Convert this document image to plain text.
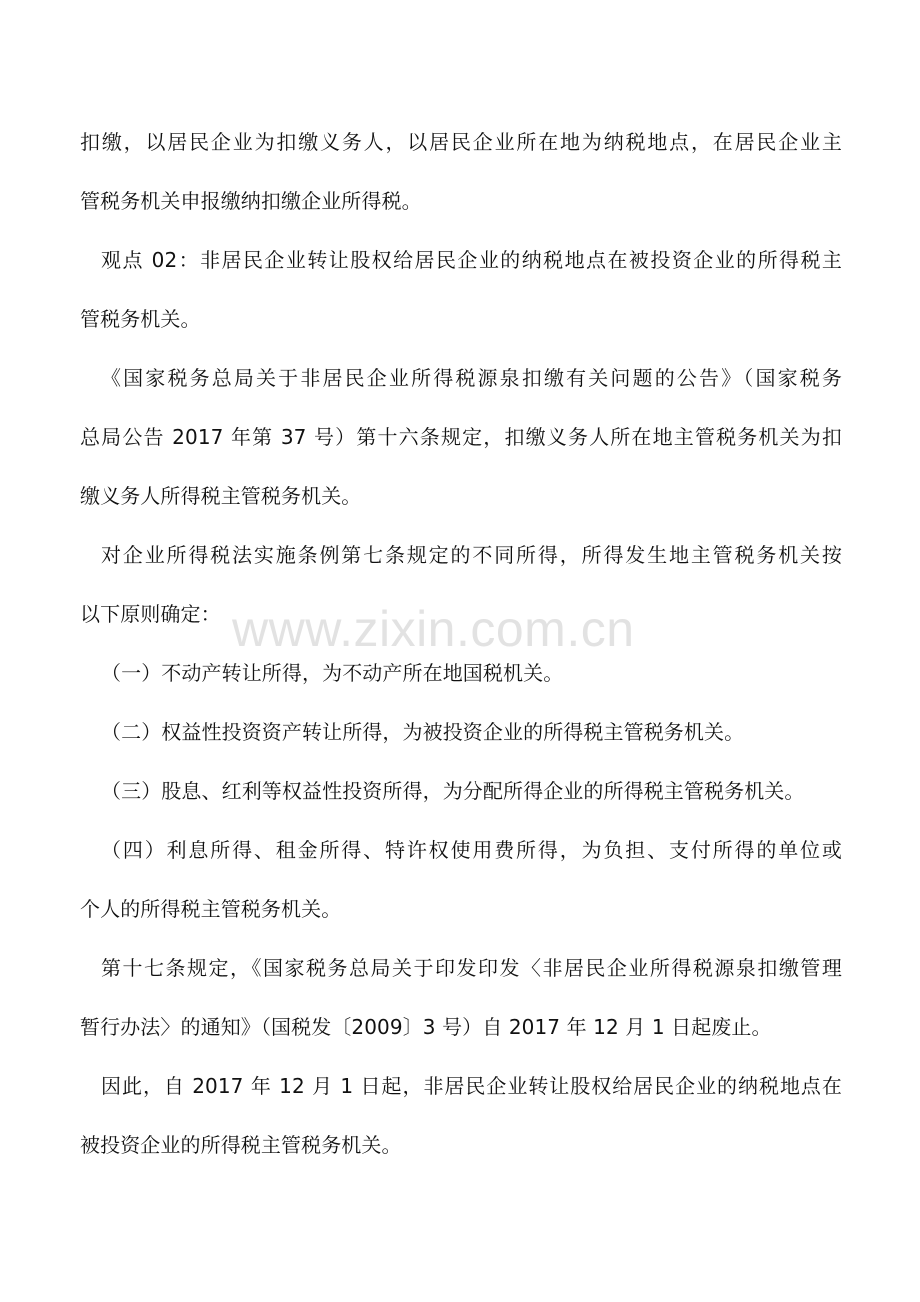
扣缴，以居民企业为扣缴义务人，以居民企业所在地为纳税地点，在居民企业主
管税务机关申报缴纳扣缴企业所得税。
观点 02：非居民企业转让股权给居民企业的纳税地点在被投资企业的所得税主
管税务机关。
《国家税务总局关于非居民企业所得税源泉扣缴有关问题的公告》（国家税务
总局公告 2017 年第 37 号）第十六条规定，扣缴义务人所在地主管税务机关为扣
缴义务人所得税主管税务机关。
对企业所得税法实施条例第七条规定的不同所得，所得发生地主管税务机关按
以下原则确定：
（一）不动产转让所得，为不动产所在地国税机关。
（二）权益性投资资产转让所得，为被投资企业的所得税主管税务机关。
（三）股息、红利等权益性投资所得，为分配所得企业的所得税主管税务机关。
（四）利息所得、租金所得、特许权使用费所得，为负担、支付所得的单位或
个人的所得税主管税务机关。
第十七条规定，《国家税务总局关于印发印发〈非居民企业所得税源泉扣缴管理
暂行办法〉的通知》（国税发〔2009〕3 号）自 2017 年 12 月 1 日起废止。
因此，自 2017 年 12 月 1 日起，非居民企业转让股权给居民企业的纳税地点在
被投资企业的所得税主管税务机关。
www.zixin.com.cn
